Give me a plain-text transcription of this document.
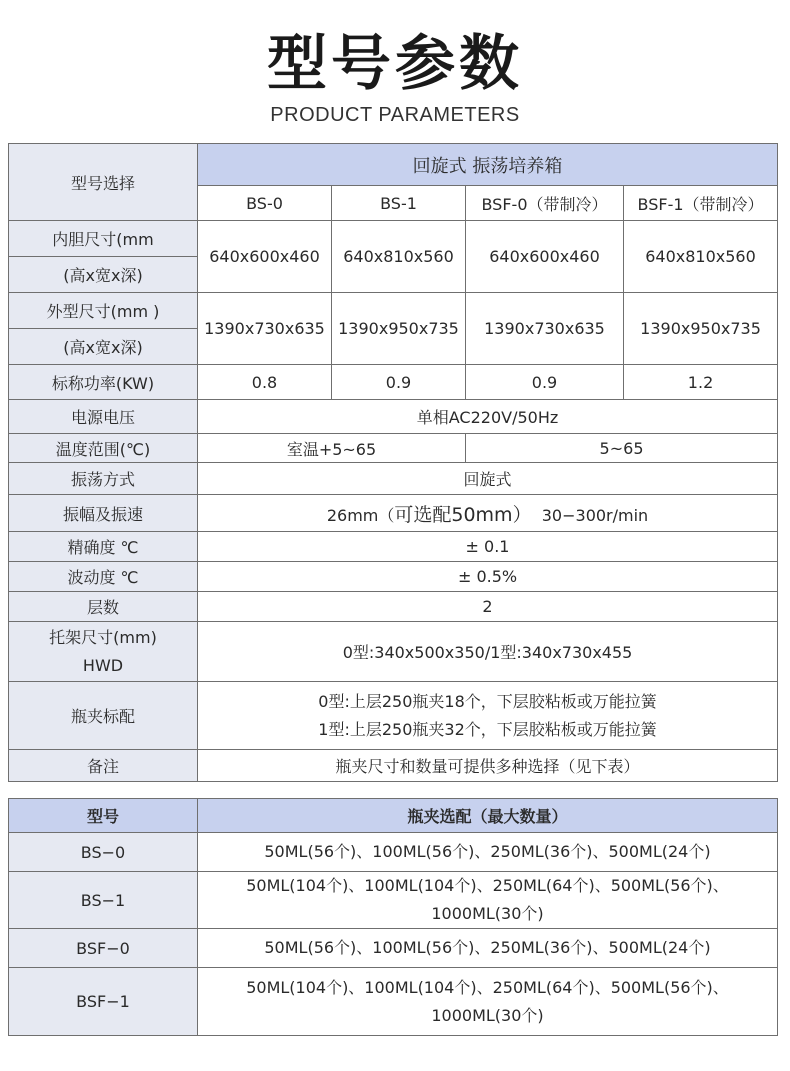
型号参数
PRODUCT PARAMETERS
型号选择	回旋式 振荡培养箱			
	BS-0	BS-1	BSF-0（带制冷）	BSF-1（带制冷）
内胆尺寸(mm	640x600x460	640x810x560	640x600x460	640x810x560
(高x宽x深)				
外型尺寸(mm )	1390x730x635	1390x950x735	1390x730x635	1390x950x735
(高x宽x深)				
标称功率(KW)	0.8	0.9	0.9	1.2
电源电压	单相AC220V/50Hz			
温度范围(℃)	室温+5~65		5~65	
振荡方式	回旋式			
振幅及振速	26mm（可选配50mm） 30−300r/min			
精确度 ℃	± 0.1			
波动度 ℃	± 0.5%			
层数	2			

托架尺寸(mm)
HWD	0型:340x500x350/1型:340x730x455			
瓶夹标配	0型:上层250瓶夹18个，下层胶粘板或万能拉簧
1型:上层250瓶夹32个，下层胶粘板或万能拉簧			

备注	瓶夹尺寸和数量可提供多种选择（见下表）			
型号	瓶夹选配（最大数量）
BS−0	50ML(56个)、100ML(56个)、250ML(36个)、500ML(24个)

BS−1	50ML(104个)、100ML(104个)、250ML(64个)、500ML(56个)、
1000ML(30个)

BSF−0	50ML(56个)、100ML(56个)、250ML(36个)、500ML(24个)

BSF−1	50ML(104个)、100ML(104个)、250ML(64个)、500ML(56个)、
1000ML(30个)
